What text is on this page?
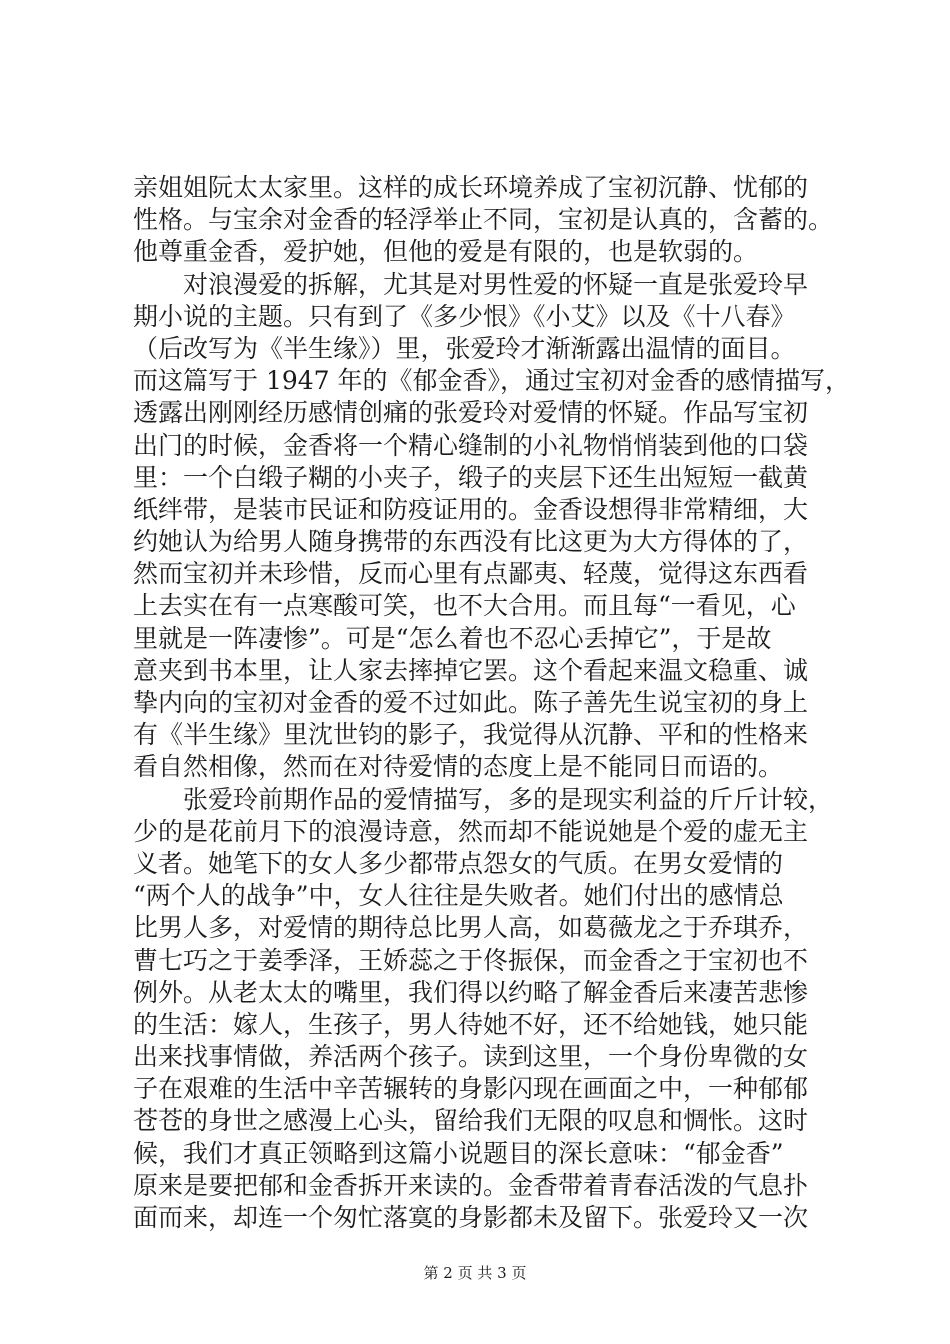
亲姐姐阮太太家里。这样的成长环境养成了宝初沉静、忧郁的
性格。与宝余对金香的轻浮举止不同，宝初是认真的，含蓄的。
他尊重金香，爱护她，但他的爱是有限的，也是软弱的。
对浪漫爱的拆解，尤其是对男性爱的怀疑一直是张爱玲早
期小说的主题。只有到了《多少恨》《小艾》以及《十八春》
（后改写为《半生缘》）里，张爱玲才渐渐露出温情的面目。
而这篇写于 1947 年的《郁金香》，通过宝初对金香的感情描写，
透露出刚刚经历感情创痛的张爱玲对爱情的怀疑。作品写宝初
出门的时候，金香将一个精心缝制的小礼物悄悄装到他的口袋
里：一个白缎子糊的小夹子，缎子的夹层下还生出短短一截黄
纸绊带，是装市民证和防疫证用的。金香设想得非常精细，大
约她认为给男人随身携带的东西没有比这更为大方得体的了，
然而宝初并未珍惜，反而心里有点鄙夷、轻蔑，觉得这东西看
上去实在有一点寒酸可笑，也不大合用。而且每“一看见，心
里就是一阵凄惨”。可是“怎么着也不忍心丢掉它”，于是故
意夹到书本里，让人家去摔掉它罢。这个看起来温文稳重、诚
挚内向的宝初对金香的爱不过如此。陈子善先生说宝初的身上
有《半生缘》里沈世钧的影子，我觉得从沉静、平和的性格来
看自然相像，然而在对待爱情的态度上是不能同日而语的。
张爱玲前期作品的爱情描写，多的是现实利益的斤斤计较，
少的是花前月下的浪漫诗意，然而却不能说她是个爱的虚无主
义者。她笔下的女人多少都带点怨女的气质。在男女爱情的
“两个人的战争”中，女人往往是失败者。她们付出的感情总
比男人多，对爱情的期待总比男人高，如葛薇龙之于乔琪乔，
曹七巧之于姜季泽，王娇蕊之于佟振保，而金香之于宝初也不
例外。从老太太的嘴里，我们得以约略了解金香后来凄苦悲惨
的生活：嫁人，生孩子，男人待她不好，还不给她钱，她只能
出来找事情做，养活两个孩子。读到这里，一个身份卑微的女
子在艰难的生活中辛苦辗转的身影闪现在画面之中，一种郁郁
苍苍的身世之感漫上心头，留给我们无限的叹息和惆怅。这时
候，我们才真正领略到这篇小说题目的深长意味：“郁金香”
原来是要把郁和金香拆开来读的。金香带着青春活泼的气息扑
面而来，却连一个匆忙落寞的身影都未及留下。张爱玲又一次
第 2 页 共 3 页
